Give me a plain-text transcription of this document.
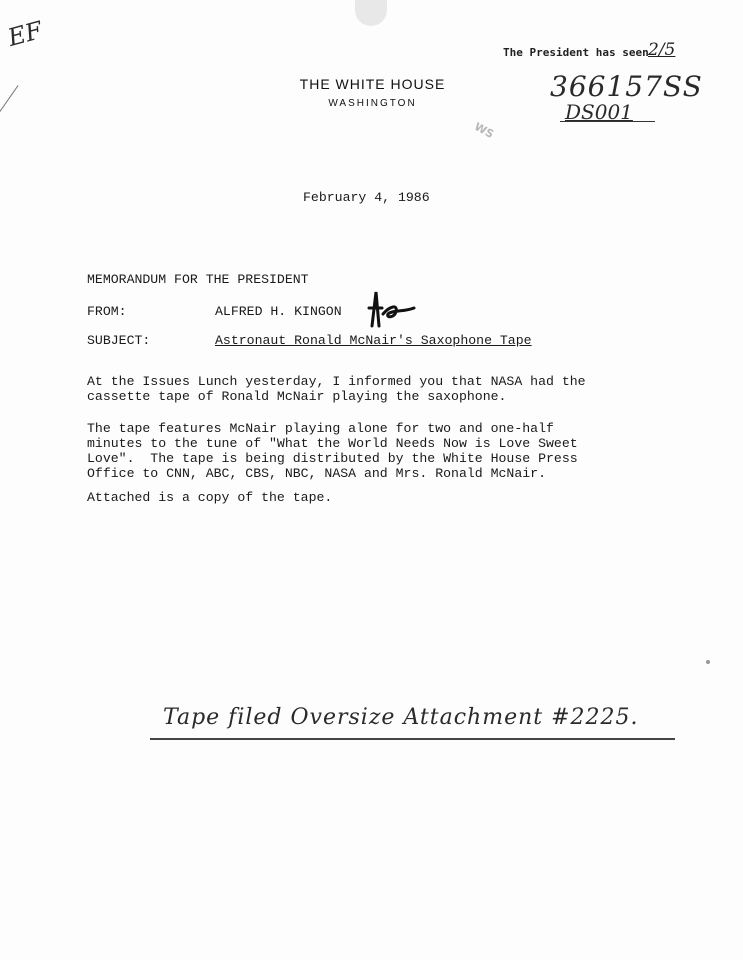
EF
The President has seen 2/5
366157SS
DS001
WS
THE WHITE HOUSE
WASHINGTON
February 4, 1986
MEMORANDUM FOR THE PRESIDENT
FROM:	ALFRED H. KINGON
SUBJECT:	Astronaut Ronald McNair's Saxophone Tape
At the Issues Lunch yesterday, I informed you that NASA had the
cassette tape of Ronald McNair playing the saxophone.
The tape features McNair playing alone for two and one-half
minutes to the tune of "What the World Needs Now is Love Sweet
Love".  The tape is being distributed by the White House Press
Office to CNN, ABC, CBS, NBC, NASA and Mrs. Ronald McNair.
Attached is a copy of the tape.
Tape filed Oversize Attachment #2225.
